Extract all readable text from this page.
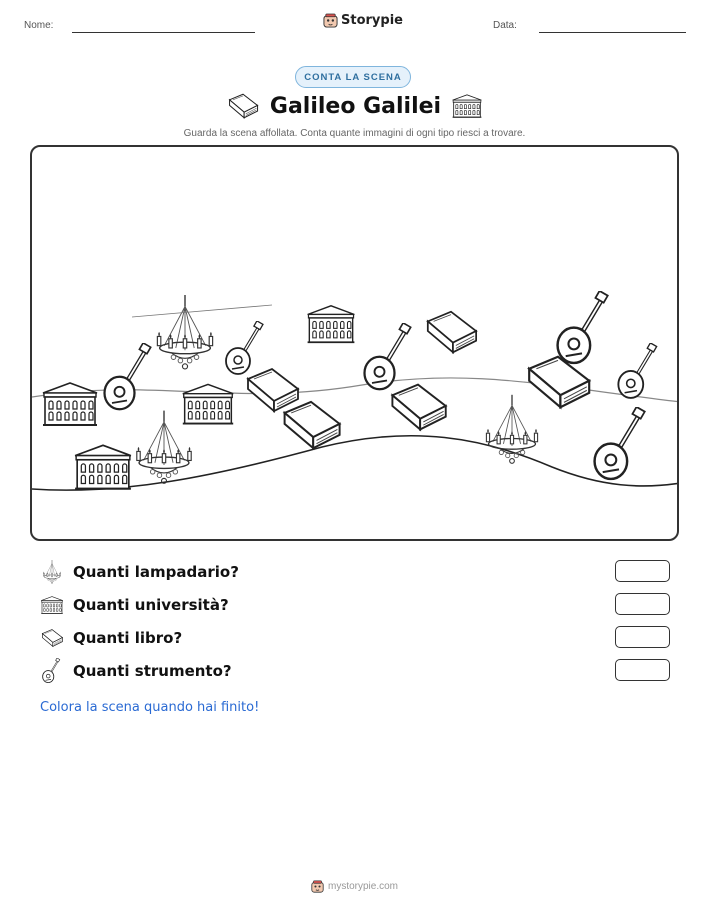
Nome:	Storypie	Data:
CONTA LA SCENA
Galileo Galilei
Guarda la scena affollata. Conta quante immagini di ogni tipo riesci a trovare.
Quanti lampadario?
Quanti università?
Quanti libro?
Quanti strumento?
Colora la scena quando hai finito!
mystorypie.com
